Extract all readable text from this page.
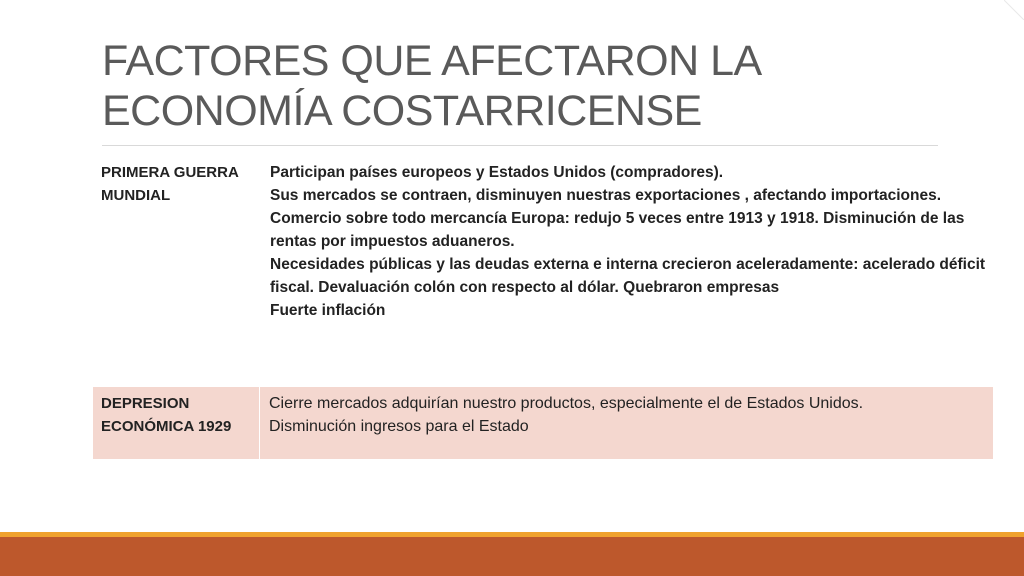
FACTORES QUE AFECTARON LA
ECONOMÍA COSTARRICENSE
PRIMERA GUERRA MUNDIAL
Participan países europeos y Estados Unidos (compradores).
Sus mercados se contraen, disminuyen nuestras exportaciones , afectando importaciones.
Comercio sobre todo mercancía Europa: redujo 5 veces entre 1913 y 1918. Disminución de las rentas por impuestos aduaneros.
Necesidades públicas y las deudas externa e interna crecieron aceleradamente: acelerado déficit fiscal. Devaluación colón con respecto al dólar. Quebraron empresas
Fuerte inflación
DEPRESION ECONÓMICA 1929
Cierre mercados adquirían nuestro productos, especialmente el de Estados Unidos.
Disminución ingresos para el Estado
